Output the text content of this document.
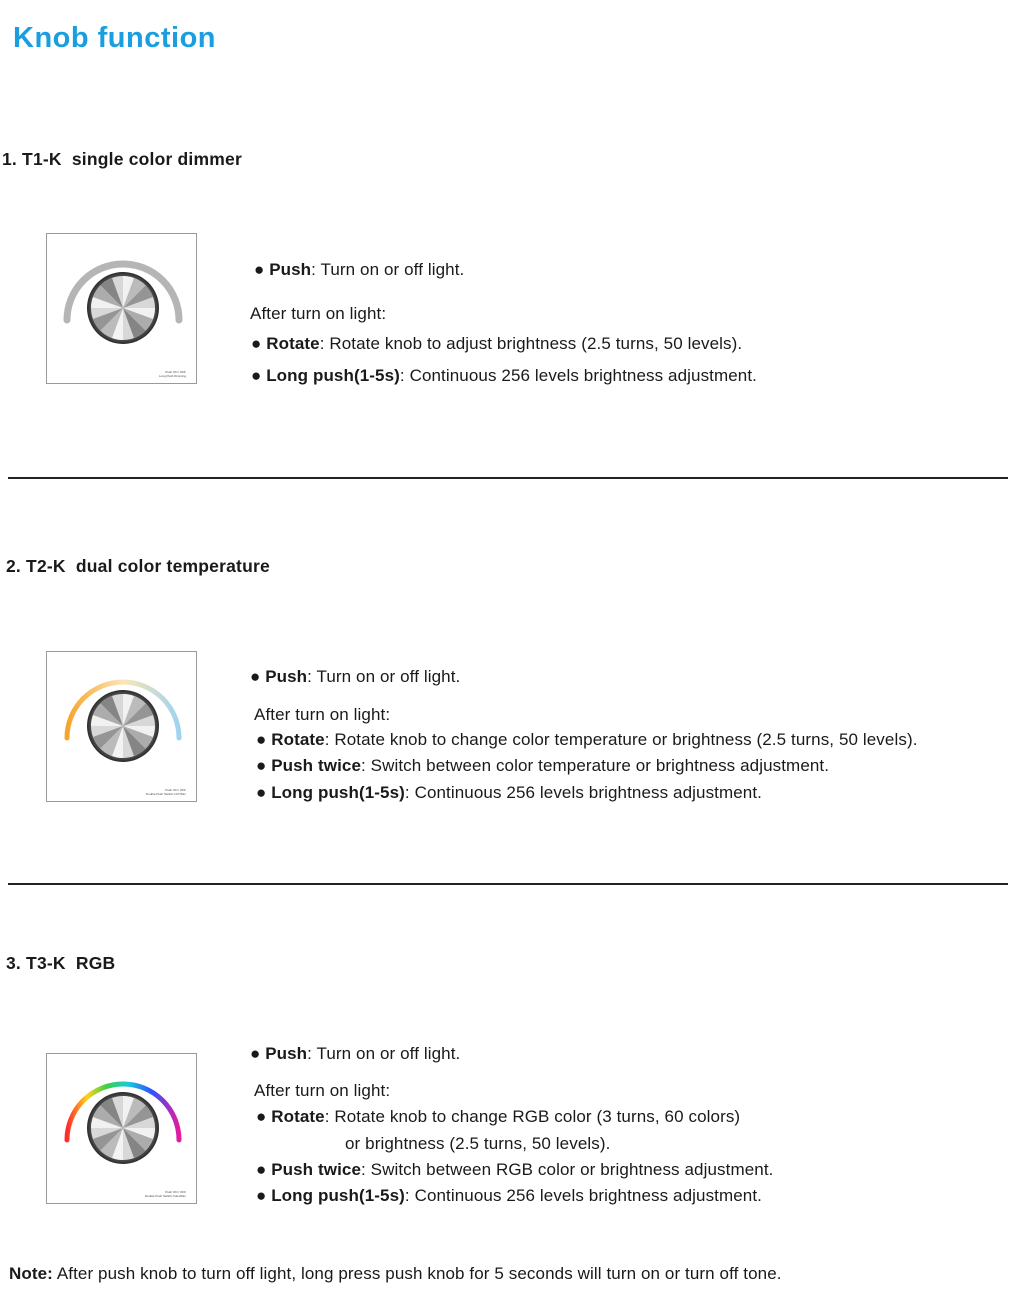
Knob function
1. T1-K  single color dimmer
Push ON / OFF
Long Push Dimming
● Push: Turn on or off light.
After turn on light:
● Rotate: Rotate knob to adjust brightness (2.5 turns, 50 levels).
● Long push(1-5s): Continuous 256 levels brightness adjustment.
2. T2-K  dual color temperature
Push ON / OFF
Double Push Switch CCT/Dim
● Push: Turn on or off light.
After turn on light:
● Rotate: Rotate knob to change color temperature or brightness (2.5 turns, 50 levels).
● Push twice: Switch between color temperature or brightness adjustment.
● Long push(1-5s): Continuous 256 levels brightness adjustment.
3. T3-K  RGB
Push ON / OFF
Double Push Switch Color/Dim
● Push: Turn on or off light.
After turn on light:
● Rotate: Rotate knob to change RGB color (3 turns, 60 colors)
or brightness (2.5 turns, 50 levels).
● Push twice: Switch between RGB color or brightness adjustment.
● Long push(1-5s): Continuous 256 levels brightness adjustment.
Note: After push knob to turn off light, long press push knob for 5 seconds will turn on or turn off tone.
